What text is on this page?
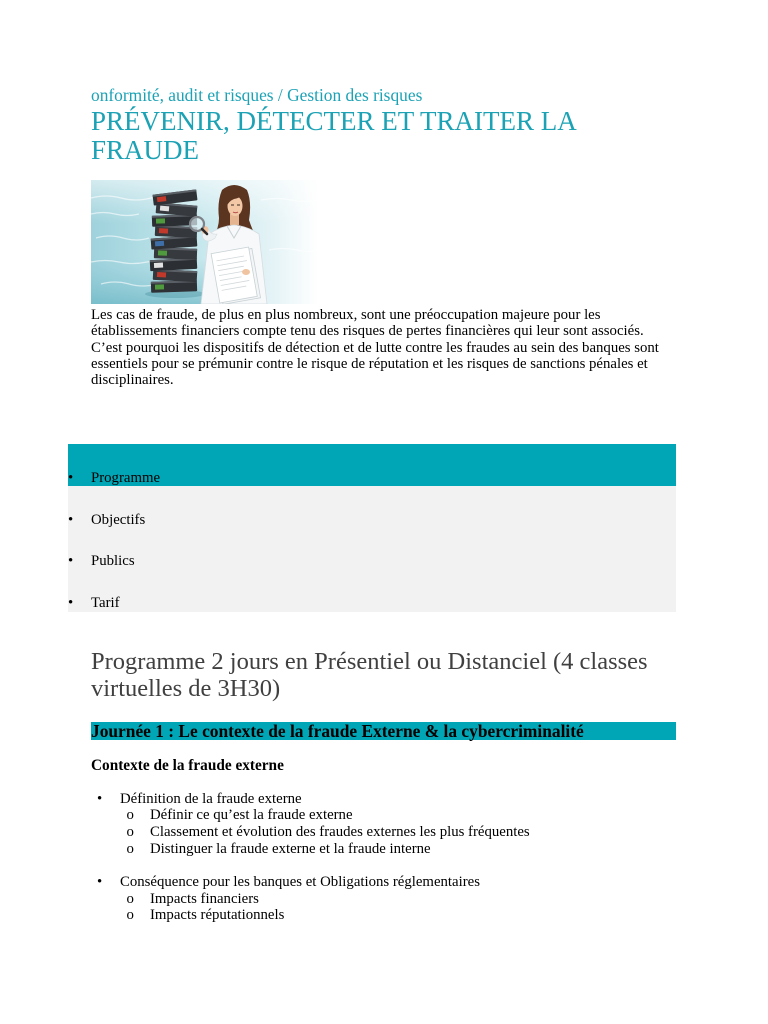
onformité, audit et risques / Gestion des risques
PRÉVENIR, DÉTECTER ET TRAITER LA
FRAUDE

Les cas de fraude, de plus en plus nombreux, sont une préoccupation majeure pour les
établissements financiers compte tenu des risques de pertes financières qui leur sont associés.
C’est pourquoi les dispositifs de détection et de lutte contre les fraudes au sein des banques sont
essentiels pour se prémunir contre le risque de réputation et les risques de sanctions pénales et
disciplinaires.

• Programme
• Objectifs
• Publics
• Tarif
Programme 2 jours en Présentiel ou Distanciel (4 classes
virtuelles de 3H30)
Journée 1 : Le contexte de la fraude Externe & la cybercriminalité
Contexte de la fraude externe
• Définition de la fraude externe
o Définir ce qu’est la fraude externe
o Classement et évolution des fraudes externes les plus fréquentes
o Distinguer la fraude externe et la fraude interne
• Conséquence pour les banques et Obligations réglementaires
o Impacts financiers
o Impacts réputationnels
